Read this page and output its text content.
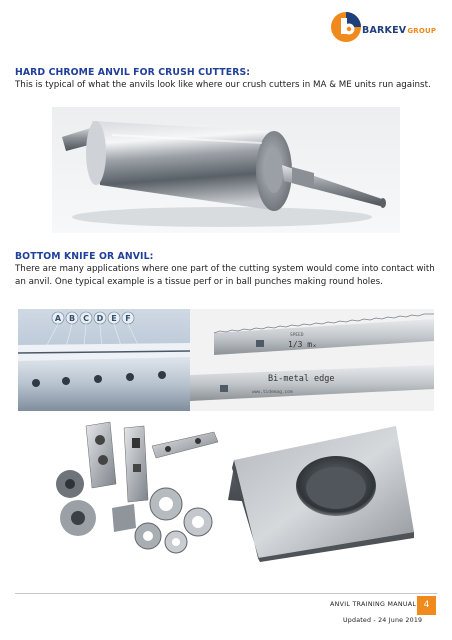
BARKEVGROUP
HARD CHROME ANVIL FOR CRUSH CUTTERS:
This is typical of what the anvils look like where our crush cutters in MA & ME units run against.
BOTTOM KNIFE OR ANVIL:
There are many applications where one part of the cutting system would come into contact with an anvil. One typical example is a tissue perf or in ball punches making round holes.
A B C D E F
SPEED
1/3 mₓ
Bi-metal edge
www.tidemag.com
ANVIL TRAINING MANUAL 4
Updated - 24 June 2019
